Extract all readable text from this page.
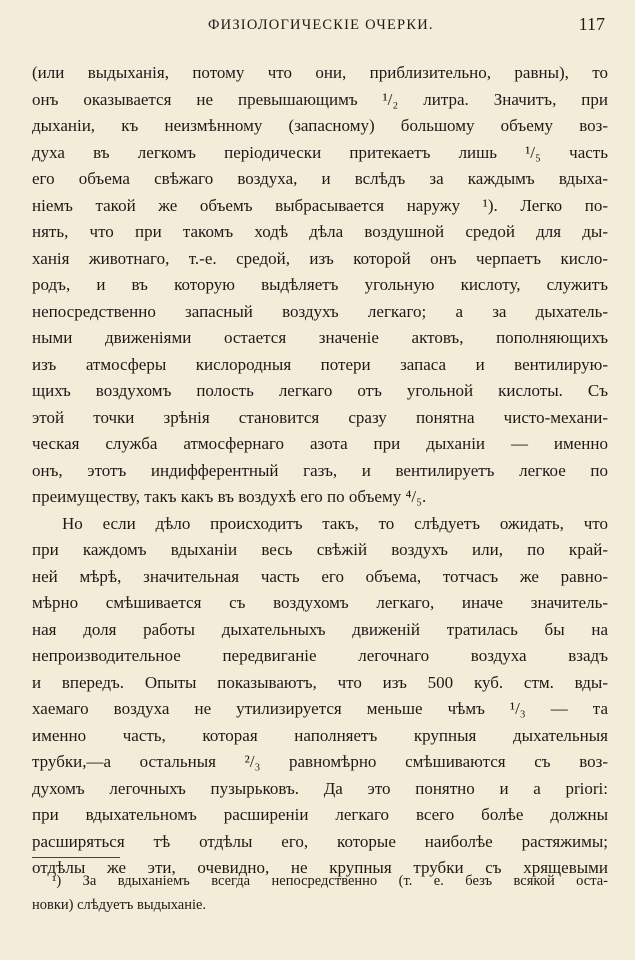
ФИЗІОЛОГИЧЕСКІЕ ОЧЕРКИ.	117
(или выдыханія, потому что они, приблизительно, равны), то
онъ оказывается не превышающимъ ¹/₂ литра. Значитъ, при
дыханіи, къ неизмѣнному (запасному) большому объему воз-
духа въ легкомъ періодически притекаетъ лишь ¹/₅ часть
его объема свѣжаго воздуха, и вслѣдъ за каждымъ вдыха-
ніемъ такой же объемъ выбрасывается наружу ¹). Легко по-
нять, что при такомъ ходѣ дѣла воздушной средой для ды-
ханія животнаго, т.-е. средой, изъ которой онъ черпаетъ кисло-
родъ, и въ которую выдѣляетъ угольную кислоту, служитъ
непосредственно запасный воздухъ легкаго; а за дыхатель-
ными движеніями остается значеніе актовъ, пополняющихъ
изъ атмосферы кислородныя потери запаса и вентилирую-
щихъ воздухомъ полость легкаго отъ угольной кислоты. Съ
этой точки зрѣнія становится сразу понятна чисто-механи-
ческая служба атмосфернаго азота при дыханіи — именно
онъ, этотъ индифферентный газъ, и вентилируетъ легкое по
преимуществу, такъ какъ въ воздухѣ его по объему ⁴/₅.
Но если дѣло происходитъ такъ, то слѣдуетъ ожидать, что
при каждомъ вдыханіи весь свѣжій воздухъ или, по край-
ней мѣрѣ, значительная часть его объема, тотчасъ же равно-
мѣрно смѣшивается съ воздухомъ легкаго, иначе значитель-
ная доля работы дыхательныхъ движеній тратилась бы на
непроизводительное передвиганіе легочнаго воздуха взадъ
и впередъ. Опыты показываютъ, что изъ 500 куб. стм. вды-
хаемаго воздуха не утилизируется меньше чѣмъ ¹/₃ — та
именно часть, которая наполняетъ крупныя дыхательныя
трубки,—а остальныя ²/₃ равномѣрно смѣшиваются съ воз-
духомъ легочныхъ пузырьковъ. Да это понятно и а priori:
при вдыхательномъ расширеніи легкаго всего болѣе должны
расширяться тѣ отдѣлы его, которые наиболѣе растяжимы;
отдѣлы же эти, очевидно, не крупныя трубки съ хрящевыми
¹) За вдыханіемъ всегда непосредственно (т. е. безъ всякой оста-
новки) слѣдуетъ выдыханіе.
